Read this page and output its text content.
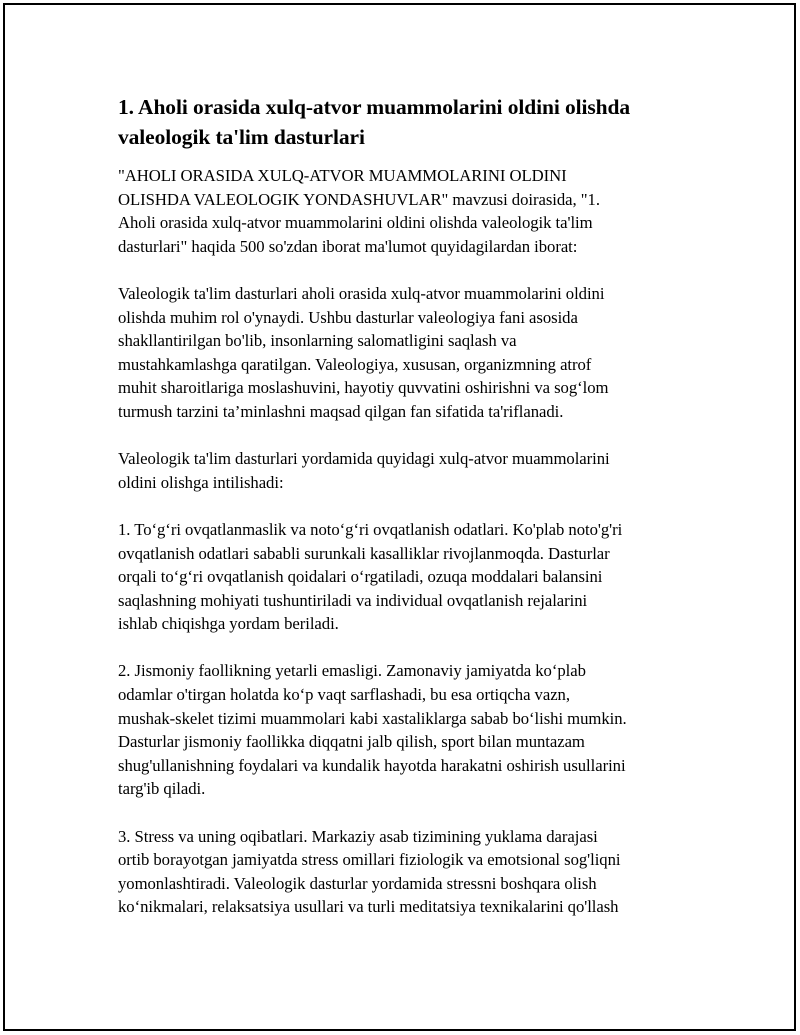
1. Aholi orasida xulq-atvor muammolarini oldini olishda
valeologik ta'lim dasturlari
"AHOLI ORASIDA XULQ-ATVOR MUAMMOLARINI OLDINI
OLISHDA VALEOLOGIK YONDASHUVLAR" mavzusi doirasida, "1.
Aholi orasida xulq-atvor muammolarini oldini olishda valeologik ta'lim
dasturlari" haqida 500 so'zdan iborat ma'lumot quyidagilardan iborat:
Valeologik ta'lim dasturlari aholi orasida xulq-atvor muammolarini oldini
olishda muhim rol o'ynaydi. Ushbu dasturlar valeologiya fani asosida
shakllantirilgan bo'lib, insonlarning salomatligini saqlash va
mustahkamlashga qaratilgan. Valeologiya, xususan, organizmning atrof
muhit sharoitlariga moslashuvini, hayotiy quvvatini oshirishni va sog‘lom
turmush tarzini ta’minlashni maqsad qilgan fan sifatida ta'riflanadi.
Valeologik ta'lim dasturlari yordamida quyidagi xulq-atvor muammolarini
oldini olishga intilishadi:
1. To‘g‘ri ovqatlanmaslik va noto‘g‘ri ovqatlanish odatlari. Ko'plab noto'g'ri
ovqatlanish odatlari sababli surunkali kasalliklar rivojlanmoqda. Dasturlar
orqali to‘g‘ri ovqatlanish qoidalari o‘rgatiladi, ozuqa moddalari balansini
saqlashning mohiyati tushuntiriladi va individual ovqatlanish rejalarini
ishlab chiqishga yordam beriladi.
2. Jismoniy faollikning yetarli emasligi. Zamonaviy jamiyatda ko‘plab
odamlar o'tirgan holatda ko‘p vaqt sarflashadi, bu esa ortiqcha vazn,
mushak-skelet tizimi muammolari kabi xastaliklarga sabab bo‘lishi mumkin.
Dasturlar jismoniy faollikka diqqatni jalb qilish, sport bilan muntazam
shug'ullanishning foydalari va kundalik hayotda harakatni oshirish usullarini
targ'ib qiladi.
3. Stress va uning oqibatlari. Markaziy asab tizimining yuklama darajasi
ortib borayotgan jamiyatda stress omillari fiziologik va emotsional sog'liqni
yomonlashtiradi. Valeologik dasturlar yordamida stressni boshqara olish
ko‘nikmalari, relaksatsiya usullari va turli meditatsiya texnikalarini qo'llash
